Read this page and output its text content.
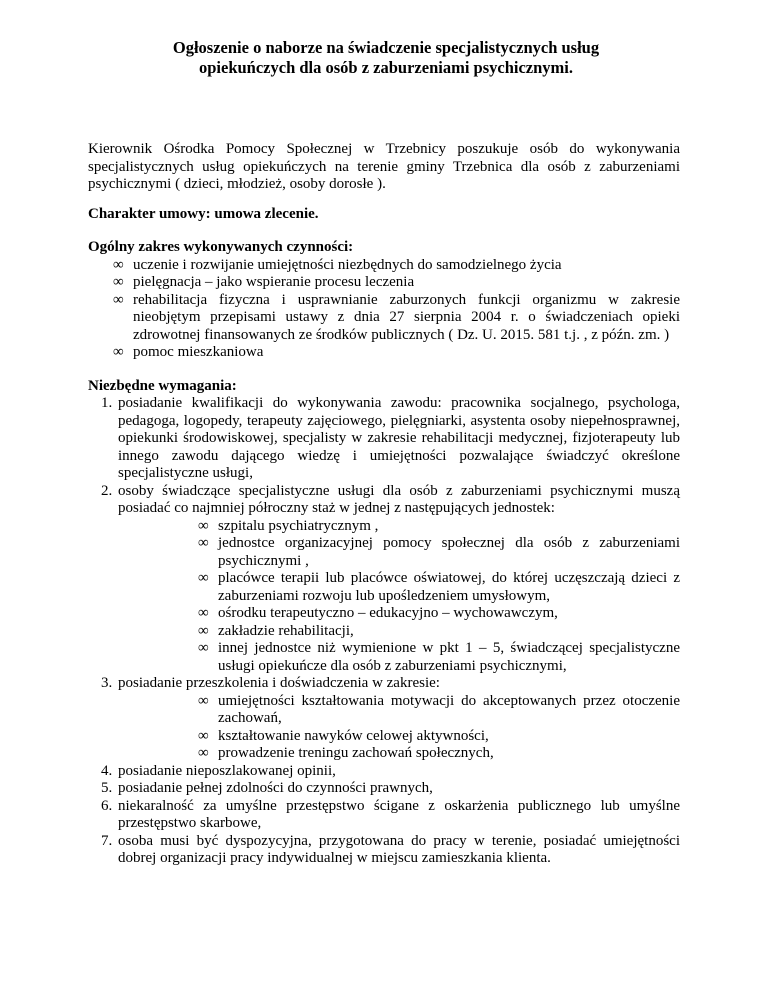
Ogłoszenie o naborze na świadczenie specjalistycznych usług
opiekuńczych dla osób z zaburzeniami psychicznymi.
Kierownik Ośrodka Pomocy Społecznej w Trzebnicy poszukuje osób do wykonywania specjalistycznych usług opiekuńczych na terenie gminy Trzebnica dla osób z zaburzeniami psychicznymi ( dzieci, młodzież, osoby dorosłe ).
Charakter umowy: umowa zlecenie.
Ogólny zakres wykonywanych czynności:
∞ uczenie i rozwijanie umiejętności niezbędnych do samodzielnego życia
∞ pielęgnacja – jako wspieranie procesu leczenia
∞ rehabilitacja fizyczna i usprawnianie zaburzonych funkcji organizmu w zakresie nieobjętym przepisami ustawy z dnia 27 sierpnia 2004 r. o świadczeniach opieki zdrowotnej finansowanych ze środków publicznych ( Dz. U. 2015. 581 t.j. , z późn. zm. )
∞ pomoc mieszkaniowa
Niezbędne wymagania:
1. posiadanie kwalifikacji do wykonywania zawodu: pracownika socjalnego, psychologa, pedagoga, logopedy, terapeuty zajęciowego, pielęgniarki, asystenta osoby niepełnosprawnej, opiekunki środowiskowej, specjalisty w zakresie rehabilitacji medycznej, fizjoterapeuty lub innego zawodu dającego wiedzę i umiejętności pozwalające świadczyć określone specjalistyczne usługi,
2. osoby świadczące specjalistyczne usługi dla osób z zaburzeniami psychicznymi muszą posiadać co najmniej półroczny staż w jednej z następujących jednostek:
∞ szpitalu psychiatrycznym ,
∞ jednostce organizacyjnej pomocy społecznej dla osób z zaburzeniami psychicznymi ,
∞ placówce terapii lub placówce oświatowej, do której uczęszczają dzieci z zaburzeniami rozwoju lub upośledzeniem umysłowym,
∞ ośrodku terapeutyczno – edukacyjno – wychowawczym,
∞ zakładzie rehabilitacji,
∞ innej jednostce niż wymienione w pkt 1 – 5, świadczącej specjalistyczne usługi opiekuńcze dla osób z zaburzeniami psychicznymi,
3. posiadanie przeszkolenia i doświadczenia w zakresie:
∞ umiejętności kształtowania motywacji do akceptowanych przez otoczenie zachowań,
∞ kształtowanie nawyków celowej aktywności,
∞ prowadzenie treningu zachowań społecznych,
4. posiadanie nieposzlakowanej opinii,
5. posiadanie pełnej zdolności do czynności prawnych,
6. niekaralność za umyślne przestępstwo ścigane z oskarżenia publicznego lub umyślne przestępstwo skarbowe,
7. osoba musi być dyspozycyjna, przygotowana do pracy w terenie, posiadać umiejętności dobrej organizacji pracy indywidualnej w miejscu zamieszkania klienta.
